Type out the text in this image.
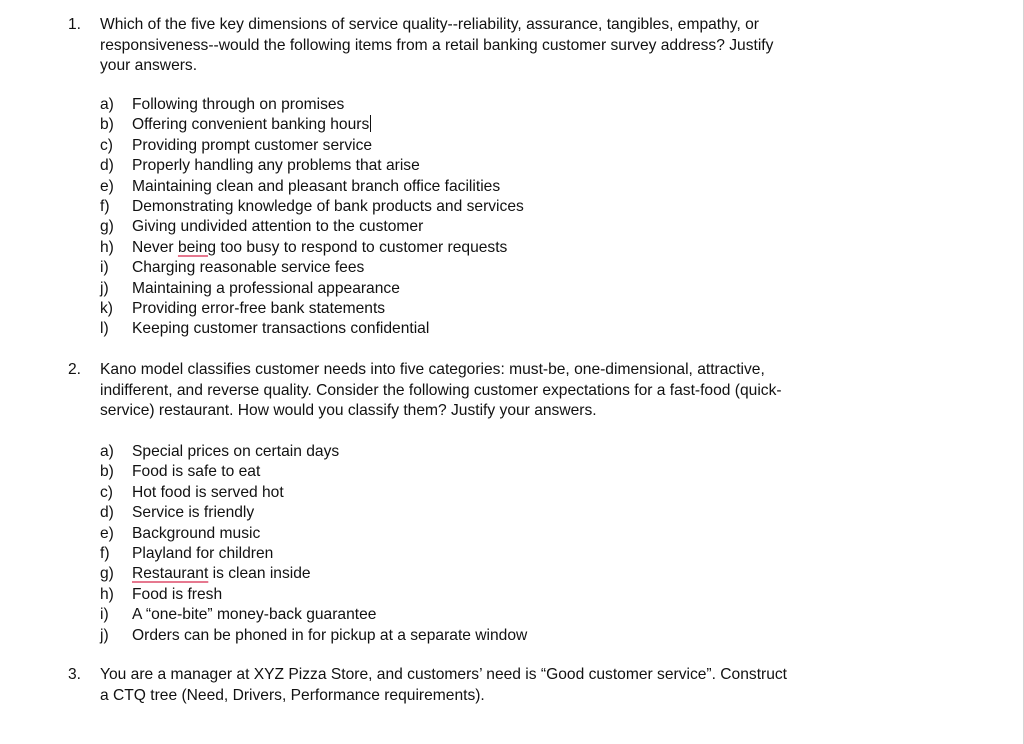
1. Which of the five key dimensions of service quality--reliability, assurance, tangibles, empathy, or
responsiveness--would the following items from a retail banking customer survey address? Justify
your answers.
a) Following through on promises
b) Offering convenient banking hours
c) Providing prompt customer service
d) Properly handling any problems that arise
e) Maintaining clean and pleasant branch office facilities
f) Demonstrating knowledge of bank products and services
g) Giving undivided attention to the customer
h) Never being too busy to respond to customer requests
i) Charging reasonable service fees
j) Maintaining a professional appearance
k) Providing error-free bank statements
l) Keeping customer transactions confidential
2. Kano model classifies customer needs into five categories: must-be, one-dimensional, attractive,
indifferent, and reverse quality. Consider the following customer expectations for a fast-food (quick-
service) restaurant. How would you classify them? Justify your answers.
a) Special prices on certain days
b) Food is safe to eat
c) Hot food is served hot
d) Service is friendly
e) Background music
f) Playland for children
g) Restaurant is clean inside
h) Food is fresh
i) A “one-bite” money-back guarantee
j) Orders can be phoned in for pickup at a separate window
3. You are a manager at XYZ Pizza Store, and customers’ need is “Good customer service”. Construct
a CTQ tree (Need, Drivers, Performance requirements).
